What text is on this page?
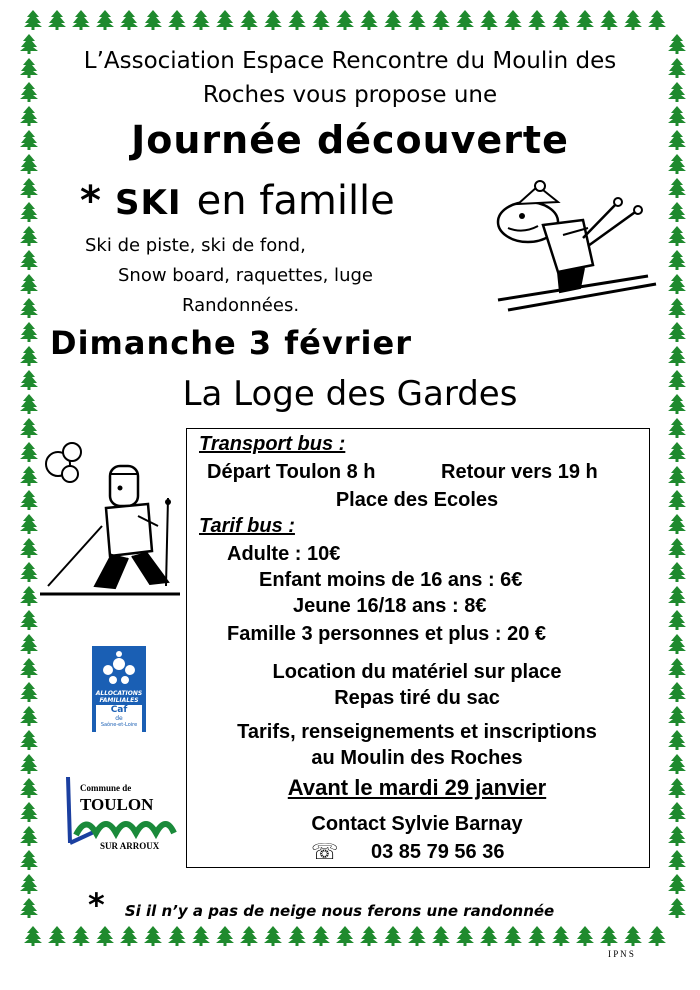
L’Association Espace Rencontre du Moulin des
Roches vous propose une
Journée découverte
* SKI en famille
Ski de piste, ski de fond,
Snow board, raquettes, luge
Randonnées.
Dimanche 3 février
La Loge des Gardes
Transport bus :
Départ Toulon 8 h	Retour vers 19 h
Place des Ecoles
Tarif bus :
Adulte : 10€
Enfant moins de 16 ans : 6€
Jeune 16/18 ans : 8€
Famille 3 personnes et plus : 20 €
Location du matériel sur place
Repas tiré du sac
Tarifs, renseignements et inscriptions
au Moulin des Roches
Avant le mardi 29 janvier
Contact Sylvie Barnay
☏ 03 85 79 56 36
ALLOCATIONS
FAMILIALES
Caf
de
Saône-et-Loire
Commune de
TOULON
SUR ARROUX
* Si il n’y a pas de neige nous ferons une randonnée
I P N S
